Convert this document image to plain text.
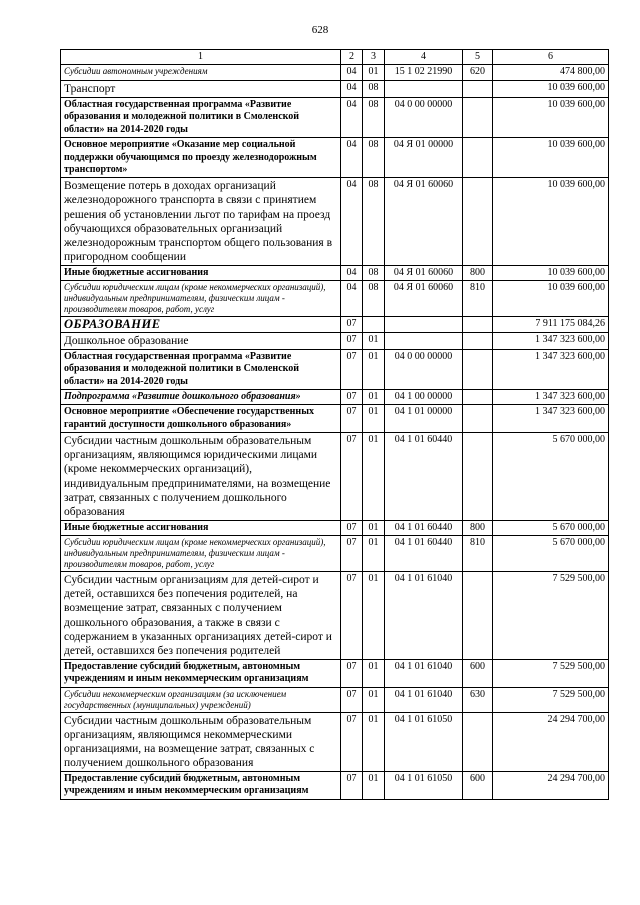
628
1	2	3	4	5	6
Субсидии автономным учреждениям	04	01	15 1 02 21990	620	474 800,00
Транспорт	04	08			10 039 600,00
Областная государственная программа «Развитие образования и молодежной политики в Смоленской области» на 2014-2020 годы	04	08	04 0 00 00000		10 039 600,00
Основное мероприятие «Оказание мер социальной поддержки обучающимся по проезду железнодорожным транспортом»	04	08	04 Я 01 00000		10 039 600,00
Возмещение потерь в доходах организаций железнодорожного транспорта в связи с принятием решения об установлении льгот по тарифам на проезд обучающихся образовательных организаций железнодорожным транспортом общего пользования в пригородном сообщении	04	08	04 Я 01 60060		10 039 600,00
Иные бюджетные ассигнования	04	08	04 Я 01 60060	800	10 039 600,00
Субсидии юридическим лицам (кроме некоммерческих организаций), индивидуальным предпринимателям, физическим лицам - производителям товаров, работ, услуг	04	08	04 Я 01 60060	810	10 039 600,00
ОБРАЗОВАНИЕ	07				7 911 175 084,26
Дошкольное образование	07	01			1 347 323 600,00
Областная государственная программа «Развитие образования и молодежной политики в Смоленской области» на 2014-2020 годы	07	01	04 0 00 00000		1 347 323 600,00
Подпрограмма «Развитие дошкольного образования»	07	01	04 1 00 00000		1 347 323 600,00
Основное мероприятие «Обеспечение государственных гарантий доступности дошкольного образования»	07	01	04 1 01 00000		1 347 323 600,00
Субсидии частным дошкольным образовательным организациям, являющимся юридическими лицами (кроме некоммерческих организаций), индивидуальным предпринимателями, на возмещение затрат, связанных с получением дошкольного образования	07	01	04 1 01 60440		5 670 000,00
Иные бюджетные ассигнования	07	01	04 1 01 60440	800	5 670 000,00
Субсидии юридическим лицам (кроме некоммерческих организаций), индивидуальным предпринимателям, физическим лицам - производителям товаров, работ, услуг	07	01	04 1 01 60440	810	5 670 000,00
Субсидии частным организациям для детей-сирот и детей, оставшихся без попечения родителей, на возмещение затрат, связанных с получением дошкольного образования, а также в связи с содержанием в указанных организациях детей-сирот и детей, оставшихся без попечения родителей	07	01	04 1 01 61040		7 529 500,00
Предоставление субсидий бюджетным, автономным учреждениям и иным некоммерческим организациям	07	01	04 1 01 61040	600	7 529 500,00
Субсидии некоммерческим организациям (за исключением государственных (муниципальных) учреждений)	07	01	04 1 01 61040	630	7 529 500,00
Субсидии частным дошкольным образовательным организациям, являющимся некоммерческими организациями, на возмещение затрат, связанных с получением дошкольного образования	07	01	04 1 01 61050		24 294 700,00
Предоставление субсидий бюджетным, автономным учреждениям и иным некоммерческим организациям	07	01	04 1 01 61050	600	24 294 700,00
